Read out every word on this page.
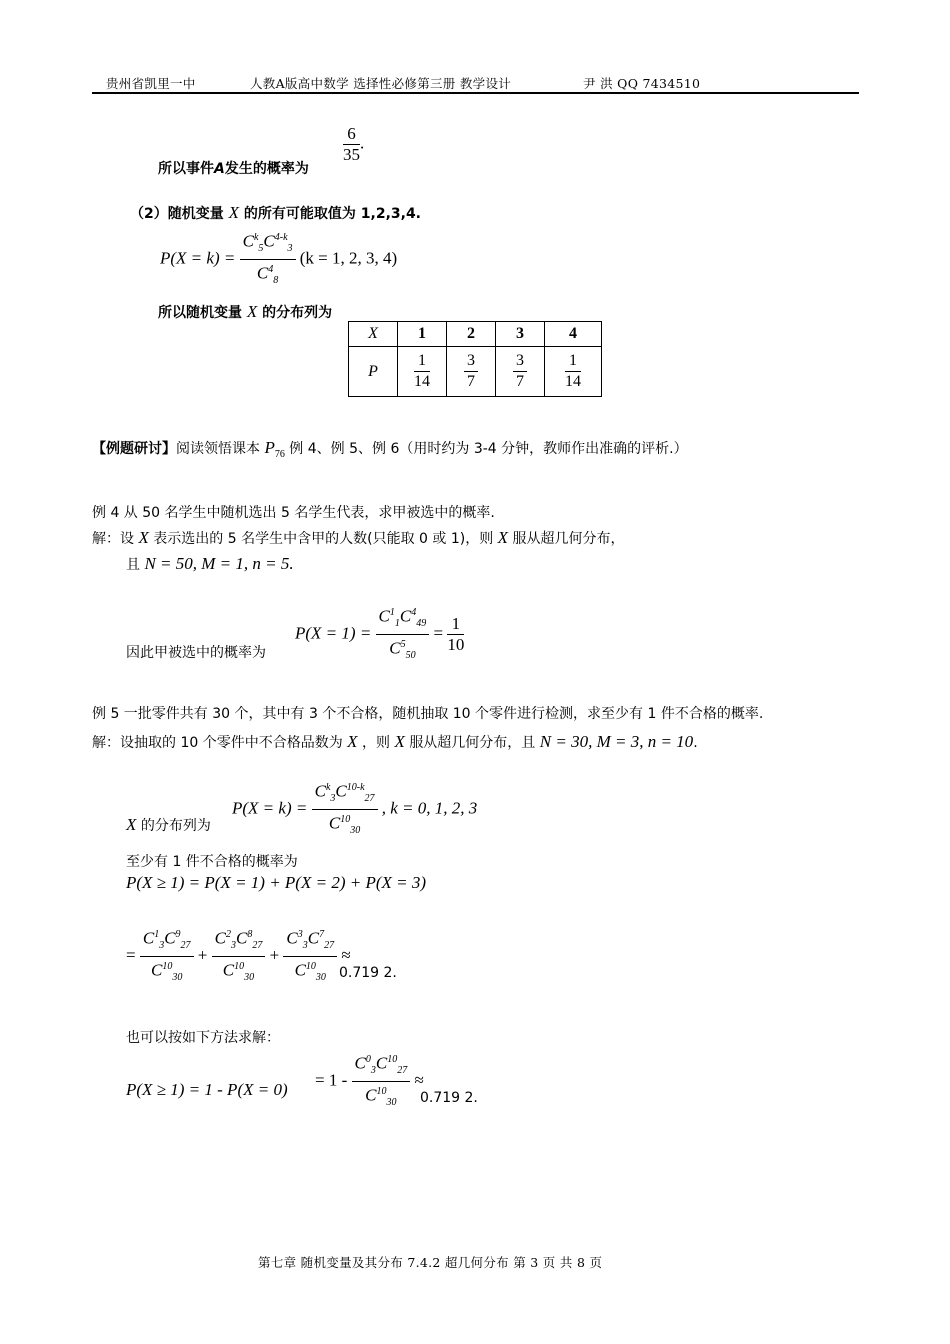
贵州省凯里一中	人教A版高中数学 选择性必修第三册 教学设计	尹 洪 QQ 7434510
所以事件A发生的概率为
$\frac{6}{35}$ .
（2）随机变量 X 的所有可能取值为 1,2,3,4.
$P(X = k) = \frac{C^k_5C^{4-k}_3}{C^4_8} (k = 1$, 2, 3, 4)
所以随机变量 X 的分布列为
X	1	2	3	4
P	$\frac{1}{14}$	$\frac{3}{7}$	$\frac{3}{7}$	$\frac{1}{14}$
【例题研讨】阅读领悟课本 $P_{76}$ 例 4、例 5、例 6（用时约为 3-4 分钟，教师作出准确的评析.）
例 4 从 50 名学生中随机选出 5 名学生代表，求甲被选中的概率.
解：设 X 表示选出的 5 名学生中含甲的人数(只能取 0 或 1)，则 X 服从超几何分布，
且 N = 50, M = 1, n = 5.
$P(X = 1) = \frac{C^1_1C^4_{49}}{C^5_{50}} = \frac{1}{10}$
因此甲被选中的概率为
例 5 一批零件共有 30 个，其中有 3 个不合格，随机抽取 10 个零件进行检测，求至少有 1 件不合格的概率.
解：设抽取的 10 个零件中不合格品数为 X ，则 X 服从超几何分布，且 N = 30, M = 3, n = 10.
$P(X = k) = \frac{C^k_3C^{10-k}_{27}}{C^{10}_{30}}$ , k = 0, 1, 2, 3
X 的分布列为
至少有 1 件不合格的概率为
P(X ≥ 1) = P(X = 1) + P(X = 2) + P(X = 3)
= $\frac{C^1_3C^9_{27}}{C^{10}_{30}} + \frac{C^2_3C^8_{27}}{C^{10}_{30}} + \frac{C^3_3C^7_{27}}{C^{10}_{30}}$ ≈
0.719 2.
也可以按如下方法求解：
P(X ≥ 1) = 1 - P(X = 0)
= $1 - \frac{C^0_3C^{10}_{27}}{C^{10}_{30}}$ ≈
0.719 2.
第七章 随机变量及其分布 7.4.2 超几何分布 第 3 页 共 8 页
